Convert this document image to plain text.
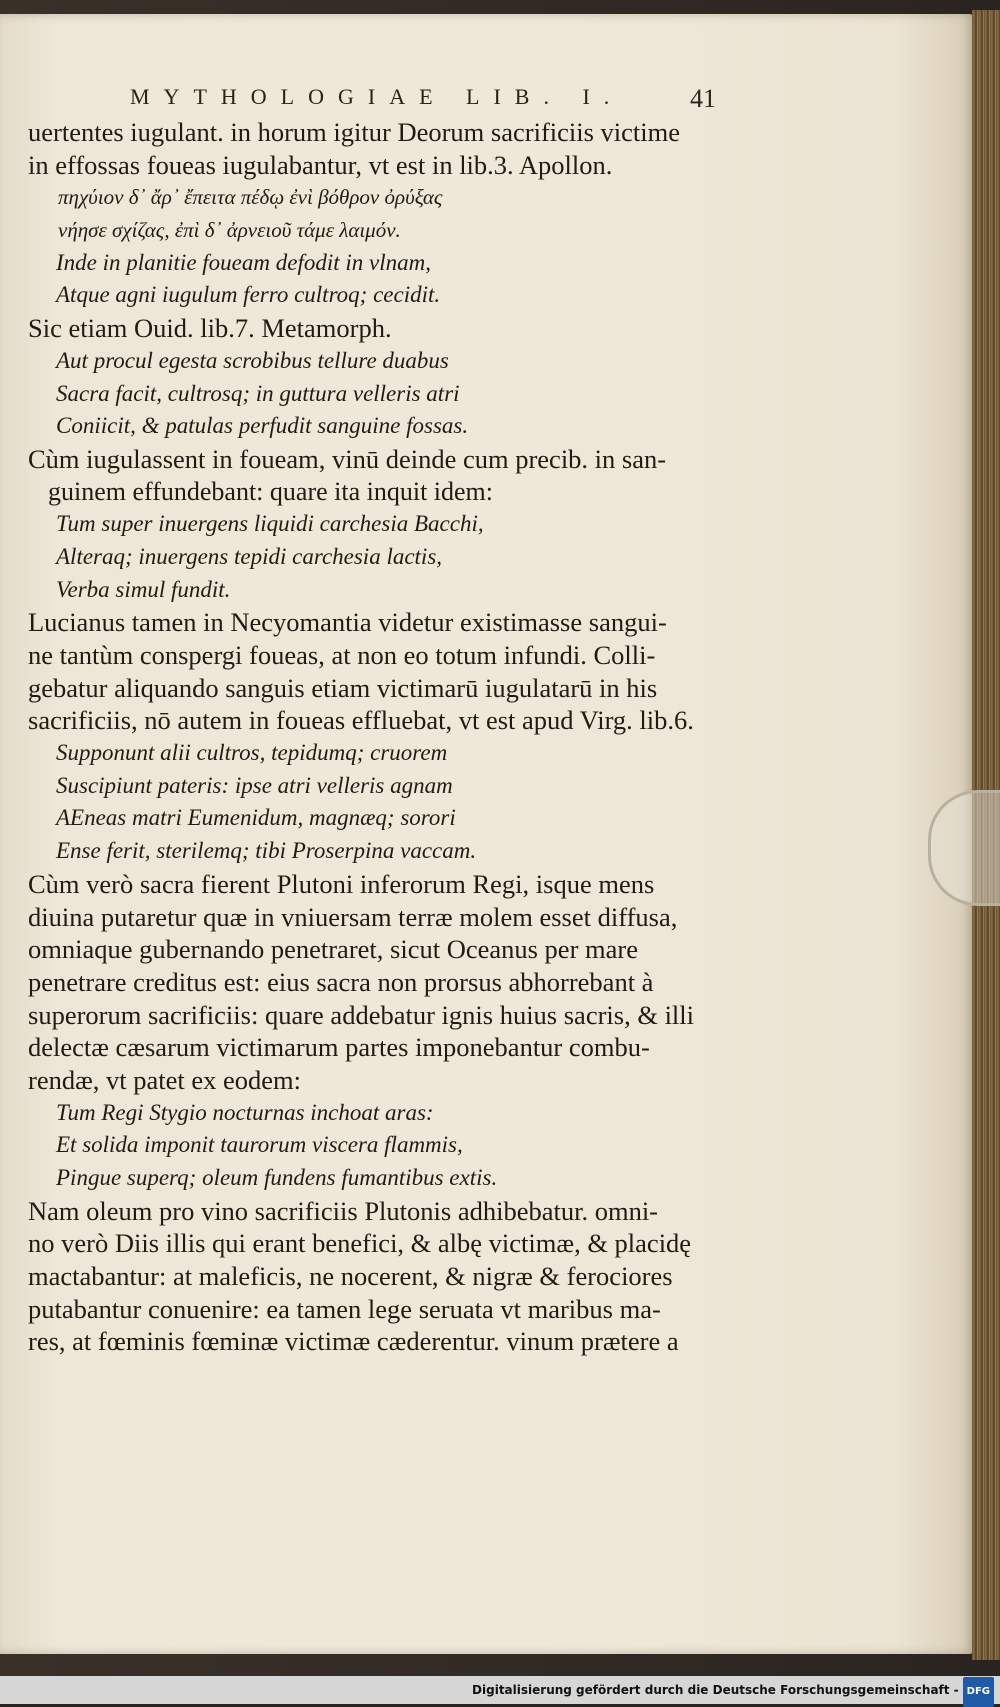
MYTHOLOGIAE LIB. I.	41
uertentes iugulant. in horum igitur Deorum sacrificiis victime
in effossas foueas iugulabantur, vt est in lib.3. Apollon.
πηχύιον δ᾽ ἄρ᾽ ἔπειτα πέδῳ ἐνὶ βόθρον ὀρύξας
νήησε σχίζας, ἐπὶ δ᾽ ἀρνειοῦ τάμε λαιμόν.
Inde in planitie foueam defodit in vlnam,
Atque agni iugulum ferro cultroq; cecidit.
Sic etiam Ouid. lib.7. Metamorph.
Aut procul egesta scrobibus tellure duabus
Sacra facit, cultrosq; in guttura velleris atri
Coniicit, & patulas perfudit sanguine fossas.
Cùm iugulassent in foueam, vinū deinde cum precib. in san-
guinem effundebant: quare ita inquit idem:
Tum super inuergens liquidi carchesia Bacchi,
Alteraq; inuergens tepidi carchesia lactis,
Verba simul fundit.
Lucianus tamen in Necyomantia videtur existimasse sangui-
ne tantùm conspergi foueas, at non eo totum infundi. Colli-
gebatur aliquando sanguis etiam victimarū iugulatarū in his
sacrificiis, nō autem in foueas effluebat, vt est apud Virg. lib.6.
Supponunt alii cultros, tepidumq; cruorem
Suscipiunt pateris: ipse atri velleris agnam
AEneas matri Eumenidum, magnæq; sorori
Ense ferit, sterilemq; tibi Proserpina vaccam.
Cùm verò sacra fierent Plutoni inferorum Regi, isque mens
diuina putaretur quæ in vniuersam terræ molem esset diffusa,
omniaque gubernando penetraret, sicut Oceanus per mare
penetrare creditus est: eius sacra non prorsus abhorrebant à
superorum sacrificiis: quare addebatur ignis huius sacris, & illi
delectæ cæsarum victimarum partes imponebantur combu-
rendæ, vt patet ex eodem:
Tum Regi Stygio nocturnas inchoat aras:
Et solida imponit taurorum viscera flammis,
Pingue superq; oleum fundens fumantibus extis.
Nam oleum pro vino sacrificiis Plutonis adhibebatur. omni-
no verò Diis illis qui erant benefici, & albę victimæ, & placidę
mactabantur: at maleficis, ne nocerent, & nigræ & ferociores
putabantur conuenire: ea tamen lege seruata vt maribus ma-
res, at fœminis fœminæ victimæ cæderentur. vinum prætere a
Digitalisierung gefördert durch die Deutsche Forschungsgemeinschaft - DFG
